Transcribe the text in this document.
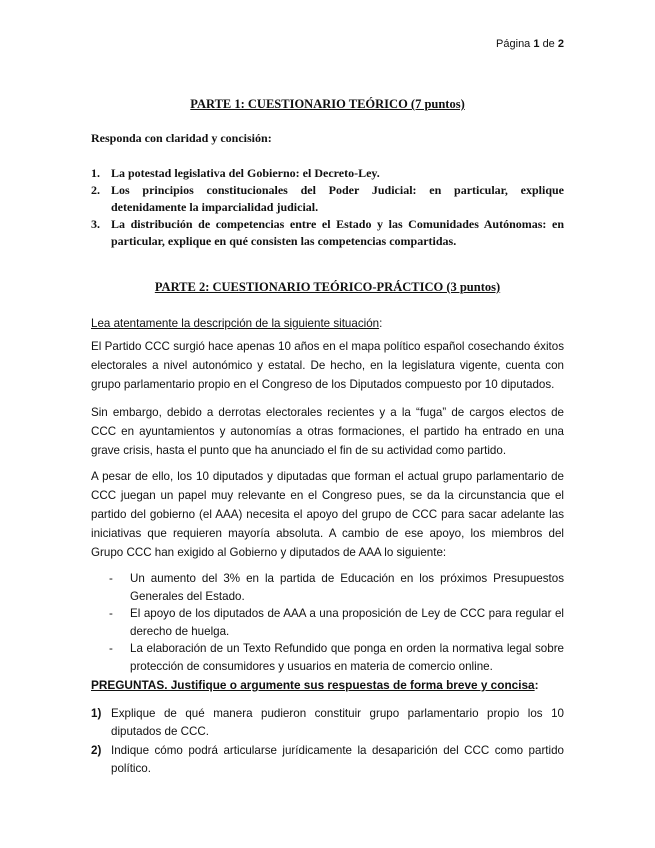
Página 1 de 2
PARTE 1: CUESTIONARIO TEÓRICO (7 puntos)
Responda con claridad y concisión:
1. La potestad legislativa del Gobierno: el Decreto-Ley.
2. Los principios constitucionales del Poder Judicial: en particular, explique detenidamente la imparcialidad judicial.
3. La distribución de competencias entre el Estado y las Comunidades Autónomas: en particular, explique en qué consisten las competencias compartidas.
PARTE 2: CUESTIONARIO TEÓRICO-PRÁCTICO (3 puntos)
Lea atentamente la descripción de la siguiente situación:
El Partido CCC surgió hace apenas 10 años en el mapa político español cosechando éxitos electorales a nivel autonómico y estatal. De hecho, en la legislatura vigente, cuenta con grupo parlamentario propio en el Congreso de los Diputados compuesto por 10 diputados.
Sin embargo, debido a derrotas electorales recientes y a la “fuga” de cargos electos de CCC en ayuntamientos y autonomías a otras formaciones, el partido ha entrado en una grave crisis, hasta el punto que ha anunciado el fin de su actividad como partido.
A pesar de ello, los 10 diputados y diputadas que forman el actual grupo parlamentario de CCC juegan un papel muy relevante en el Congreso pues, se da la circunstancia que el partido del gobierno (el AAA) necesita el apoyo del grupo de CCC para sacar adelante las iniciativas que requieren mayoría absoluta. A cambio de ese apoyo, los miembros del Grupo CCC han exigido al Gobierno y diputados de AAA lo siguiente:
-	Un aumento del 3% en la partida de Educación en los próximos Presupuestos Generales del Estado.
-	El apoyo de los diputados de AAA a una proposición de Ley de CCC para regular el derecho de huelga.
-	La elaboración de un Texto Refundido que ponga en orden la normativa legal sobre protección de consumidores y usuarios en materia de comercio online.
PREGUNTAS. Justifique o argumente sus respuestas de forma breve y concisa:
1) Explique de qué manera pudieron constituir grupo parlamentario propio los 10 diputados de CCC.
2) Indique cómo podrá articularse jurídicamente la desaparición del CCC como partido político.
